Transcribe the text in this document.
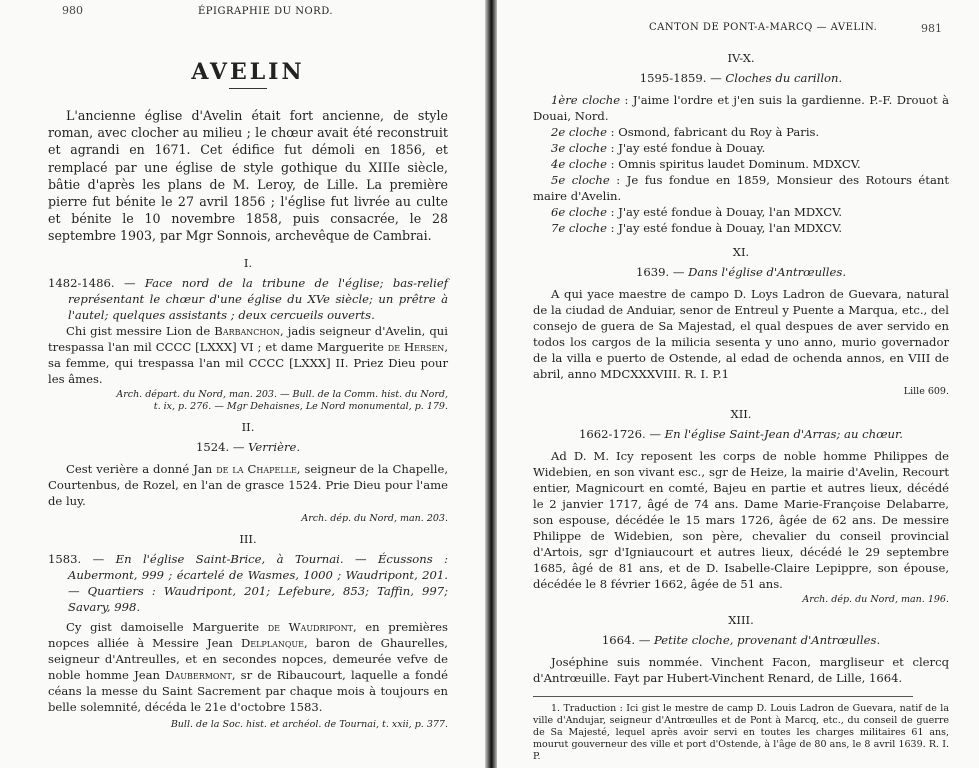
980	ÉPIGRAPHIE DU NORD.
AVELIN

L'ancienne église d'Avelin était fort ancienne, de style roman, avec clocher au milieu ; le chœur avait été reconstruit et agrandi en 1671. Cet édifice fut démoli en 1856, et remplacé par une église de style gothique du XIIIe siècle, bâtie d'après les plans de M. Leroy, de Lille. La première pierre fut bénite le 27 avril 1856 ; l'église fut livrée au culte et bénite le 10 novembre 1858, puis consacrée, le 28 septembre 1903, par Mgr Sonnois, archevêque de Cambrai.

I.

1482-1486. — Face nord de la tribune de l'église; bas-relief représentant le chœur d'une église du XVe siècle; un prêtre à l'autel; quelques assistants ; deux cercueils ouverts.

Chi gist messire Lion de Barbanchon, jadis seigneur d'Avelin, qui trespassa l'an mil CCCC [LXXX] VI ; et dame Marguerite de Hersen, sa femme, qui trespassa l'an mil CCCC [LXXX] II. Priez Dieu pour les âmes.

Arch. départ. du Nord, man. 203. — Bull. de la Comm. hist. du Nord,
t. ix, p. 276. — Mgr Dehaisnes, Le Nord monumental, p. 179.
II.
1524. — Verrière.

Cest verière a donné Jan de la Chapelle, seigneur de la Chapelle, Courtenbus, de Rozel, en l'an de grasce 1524. Prie Dieu pour l'ame de luy.

Arch. dép. du Nord, man. 203.
III.

1583. — En l'église Saint-Brice, à Tournai. — Écussons : Aubermont, 999 ; écartelé de Wasmes, 1000 ; Waudripont, 201. — Quartiers : Waudripont, 201; Lefebure, 853; Taffin, 997; Savary, 998.

Cy gist damoiselle Marguerite de Waudripont, en premières nopces alliée à Messire Jean Delplanque, baron de Ghaurelles, seigneur d'Antreulles, et en secondes nopces, demeurée vefve de noble homme Jean Daubermont, sr de Ribaucourt, laquelle a fondé céans la messe du Saint Sacrement par chaque mois à toujours en belle solemnité, décéda le 21e d'octobre 1583.

Bull. de la Soc. hist. et archéol. de Tournai, t. xxii, p. 377.
CANTON DE PONT-A-MARCQ — AVELIN.	981
IV-X.
1595-1859. — Cloches du carillon.

1ère cloche : J'aime l'ordre et j'en suis la gardienne. P.-F. Drouot à Douai, Nord.

2e cloche : Osmond, fabricant du Roy à Paris.

3e cloche : J'ay esté fondue à Douay.

4e cloche : Omnis spiritus laudet Dominum. MDXCV.

5e cloche : Je fus fondue en 1859, Monsieur des Rotours étant maire d'Avelin.

6e cloche : J'ay esté fondue à Douay, l'an MDXCV.

7e cloche : J'ay esté fondue à Douay, l'an MDXCV.

XI.
1639. — Dans l'église d'Antrœulles.

A qui yace maestre de campo D. Loys Ladron de Guevara, natural de la ciudad de Anduiar, senor de Entreul y Puente a Marqua, etc., del consejo de guera de Sa Majestad, el qual despues de aver servido en todos los cargos de la milicia sesenta y uno anno, murio governador de la villa e puerto de Ostende, al edad de ochenda annos, en VIII de abril, anno MDCXXXVIII. R. I. P.1

Lille 609.
XII.
1662-1726. — En l'église Saint-Jean d'Arras; au chœur.

Ad D. M. Icy reposent les corps de noble homme Philippes de Widebien, en son vivant esc., sgr de Heize, la mairie d'Avelin, Recourt entier, Magnicourt en comté, Bajeu en partie et autres lieux, décédé le 2 janvier 1717, âgé de 74 ans. Dame Marie-Françoise Delabarre, son espouse, décédée le 15 mars 1726, âgée de 62 ans. De messire Philippe de Widebien, son père, chevalier du conseil provincial d'Artois, sgr d'Igniaucourt et autres lieux, décédé le 29 septembre 1685, âgé de 81 ans, et de D. Isabelle-Claire Lepippre, son épouse, décédée le 8 février 1662, âgée de 51 ans.

Arch. dép. du Nord, man. 196.
XIII.
1664. — Petite cloche, provenant d'Antrœulles.

Joséphine suis nommée. Vinchent Facon, margliseur et clercq d'Antrœuille. Fayt par Hubert-Vinchent Renard, de Lille, 1664.

1. Traduction : Ici gist le mestre de camp D. Louis Ladron de Guevara, natif de la ville d'Andujar, seigneur d'Antrœulles et de Pont à Marcq, etc., du conseil de guerre de Sa Majesté, lequel après avoir servi en toutes les charges militaires 61 ans, mourut gouverneur des ville et port d'Ostende, à l'âge de 80 ans, le 8 avril 1639. R. I. P.
